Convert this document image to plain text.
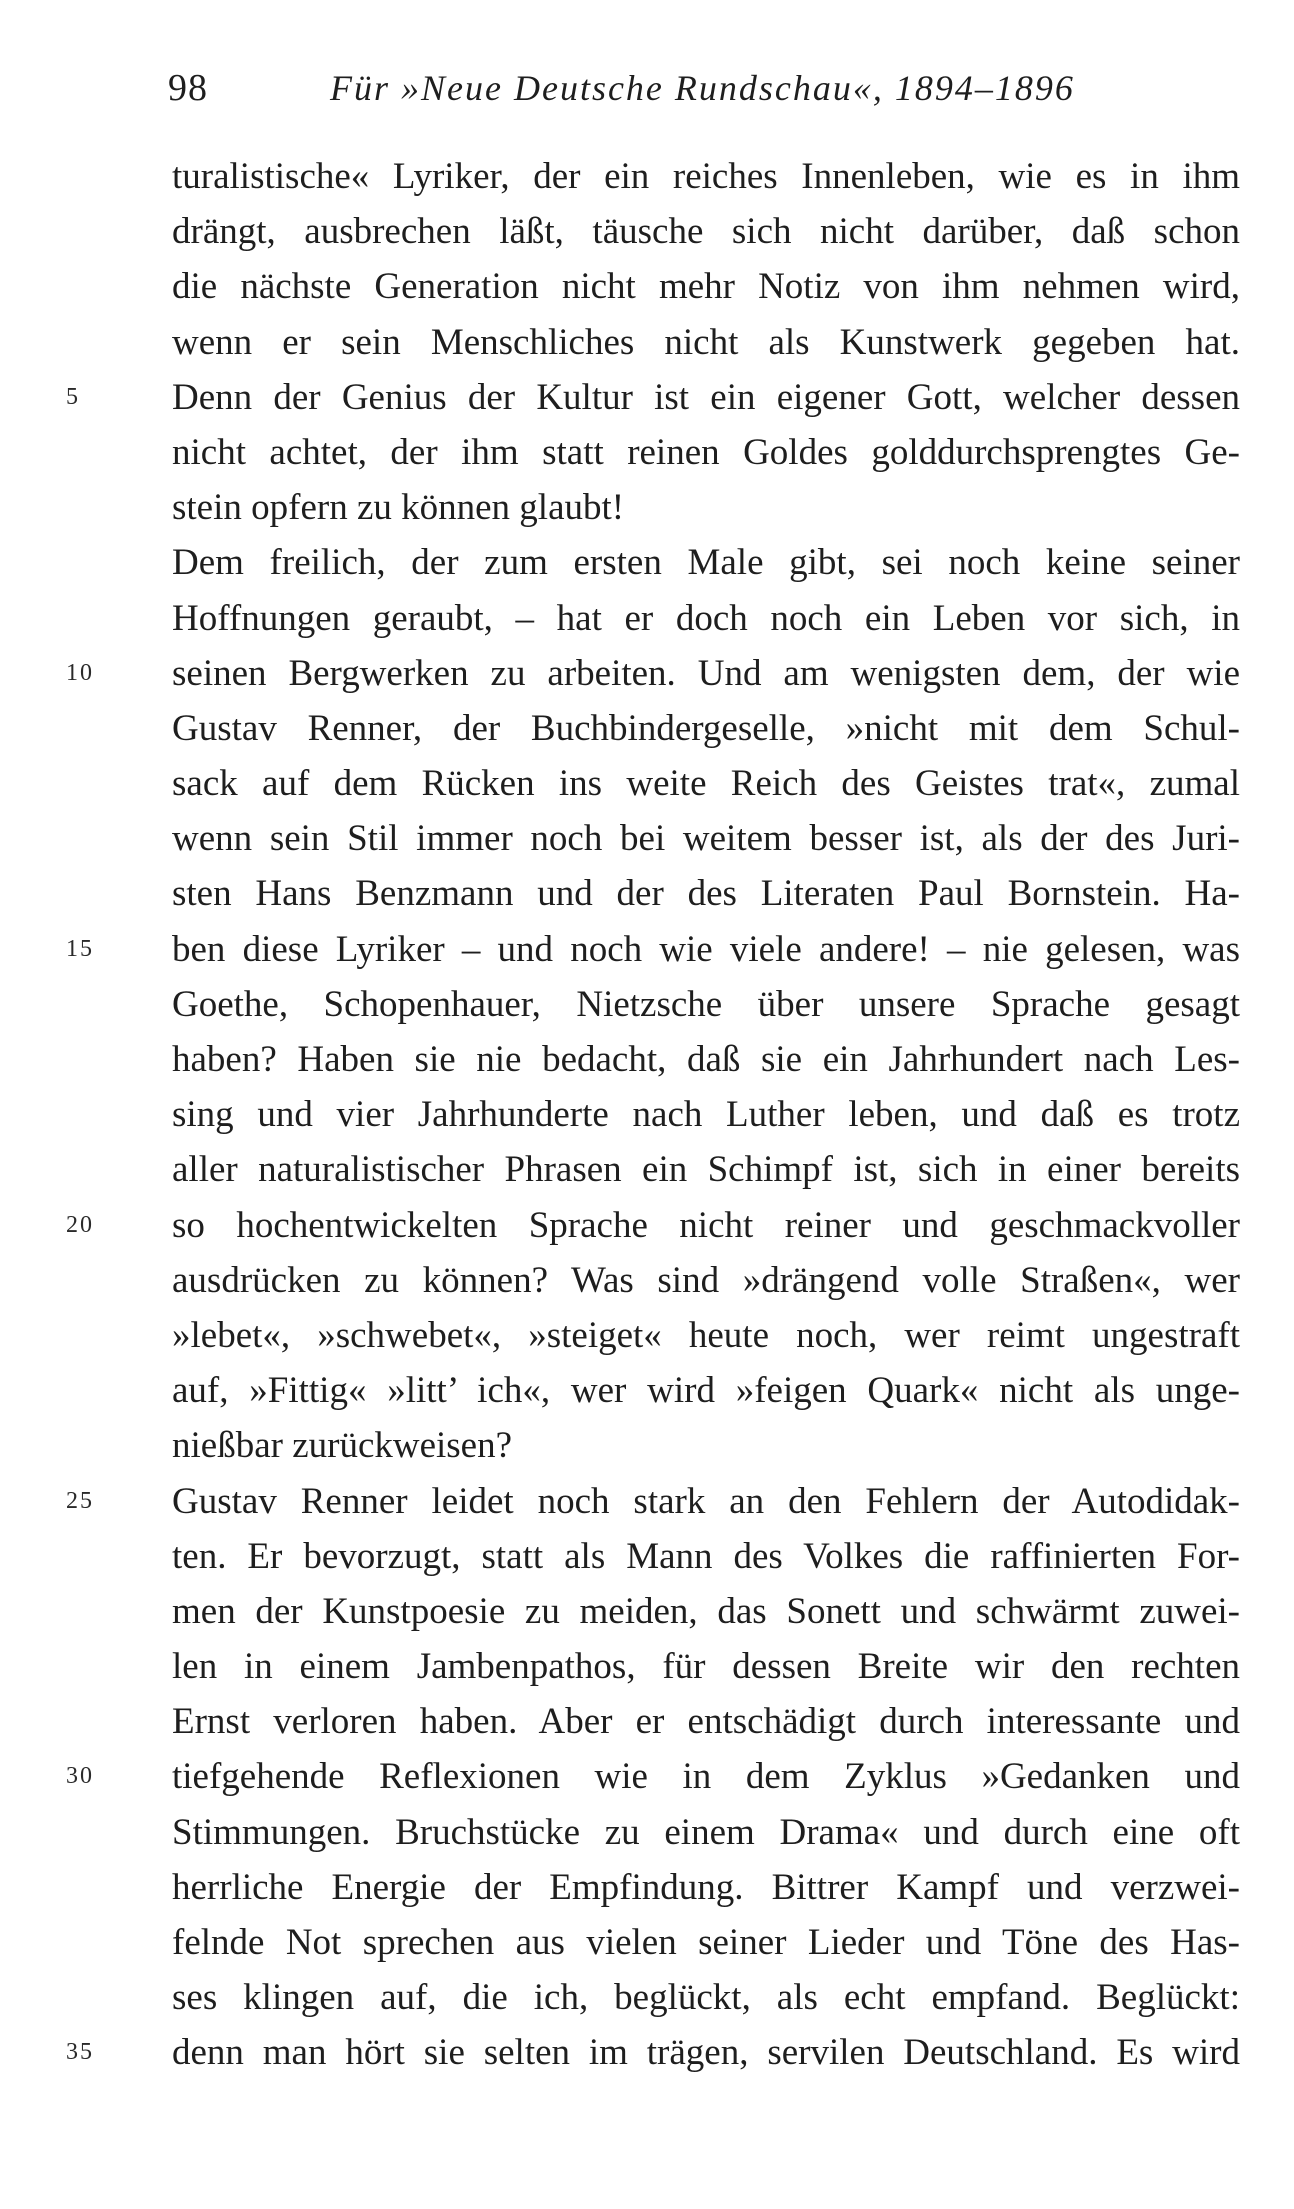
98	Für »Neue Deutsche Rundschau«, 1894–1896
turalistische« Lyriker, der ein reiches Innenleben, wie es in ihm
drängt, ausbrechen läßt, täusche sich nicht darüber, daß schon
die nächste Generation nicht mehr Notiz von ihm nehmen wird,
wenn er sein Menschliches nicht als Kunstwerk gegeben hat.
5	Denn der Genius der Kultur ist ein eigener Gott, welcher dessen
nicht achtet, der ihm statt reinen Goldes golddurchsprengtes Ge-
stein opfern zu können glaubt!
Dem freilich, der zum ersten Male gibt, sei noch keine seiner
Hoffnungen geraubt, – hat er doch noch ein Leben vor sich, in
10	seinen Bergwerken zu arbeiten. Und am wenigsten dem, der wie
Gustav Renner, der Buchbindergeselle, »nicht mit dem Schul-
sack auf dem Rücken ins weite Reich des Geistes trat«, zumal
wenn sein Stil immer noch bei weitem besser ist, als der des Juri-
sten Hans Benzmann und der des Literaten Paul Bornstein. Ha-
15	ben diese Lyriker – und noch wie viele andere! – nie gelesen, was
Goethe, Schopenhauer, Nietzsche über unsere Sprache gesagt
haben? Haben sie nie bedacht, daß sie ein Jahrhundert nach Les-
sing und vier Jahrhunderte nach Luther leben, und daß es trotz
aller naturalistischer Phrasen ein Schimpf ist, sich in einer bereits
20	so hochentwickelten Sprache nicht reiner und geschmackvoller
ausdrücken zu können? Was sind »drängend volle Straßen«, wer
»lebet«, »schwebet«, »steiget« heute noch, wer reimt ungestraft
auf, »Fittig« »litt’ ich«, wer wird »feigen Quark« nicht als unge-
nießbar zurückweisen?
25	Gustav Renner leidet noch stark an den Fehlern der Autodidak-
ten. Er bevorzugt, statt als Mann des Volkes die raffinierten For-
men der Kunstpoesie zu meiden, das Sonett und schwärmt zuwei-
len in einem Jambenpathos, für dessen Breite wir den rechten
Ernst verloren haben. Aber er entschädigt durch interessante und
30	tiefgehende Reflexionen wie in dem Zyklus »Gedanken und
Stimmungen. Bruchstücke zu einem Drama« und durch eine oft
herrliche Energie der Empfindung. Bittrer Kampf und verzwei-
felnde Not sprechen aus vielen seiner Lieder und Töne des Has-
ses klingen auf, die ich, beglückt, als echt empfand. Beglückt:
35	denn man hört sie selten im trägen, servilen Deutschland. Es wird
